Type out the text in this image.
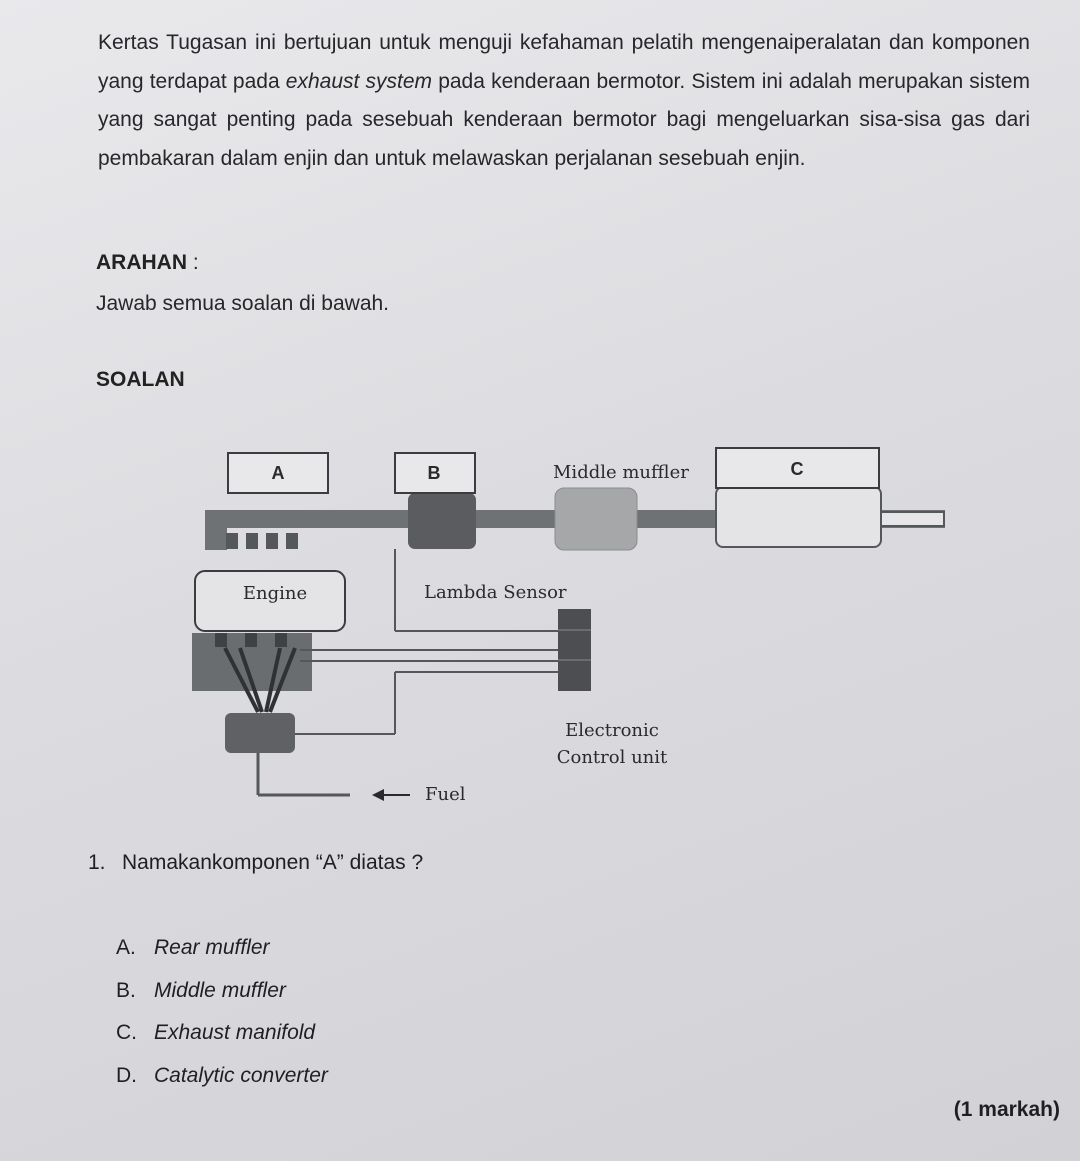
Kertas Tugasan ini bertujuan untuk menguji kefahaman pelatih mengenaiperalatan dan komponen yang terdapat pada exhaust system pada kenderaan bermotor. Sistem ini adalah merupakan sistem yang sangat penting pada sesebuah kenderaan bermotor bagi mengeluarkan sisa-sisa gas dari pembakaran dalam enjin dan untuk melawaskan perjalanan sesebuah enjin.
ARAHAN :
Jawab semua soalan di bawah.
SOALAN
A	B	Middle muffler	C
Engine	Lambda Sensor
Electronic
Control unit
Fuel
1. Namakankomponen “A” diatas ?
A. Rear muffler
B. Middle muffler
C. Exhaust manifold
D. Catalytic converter
(1 markah)
